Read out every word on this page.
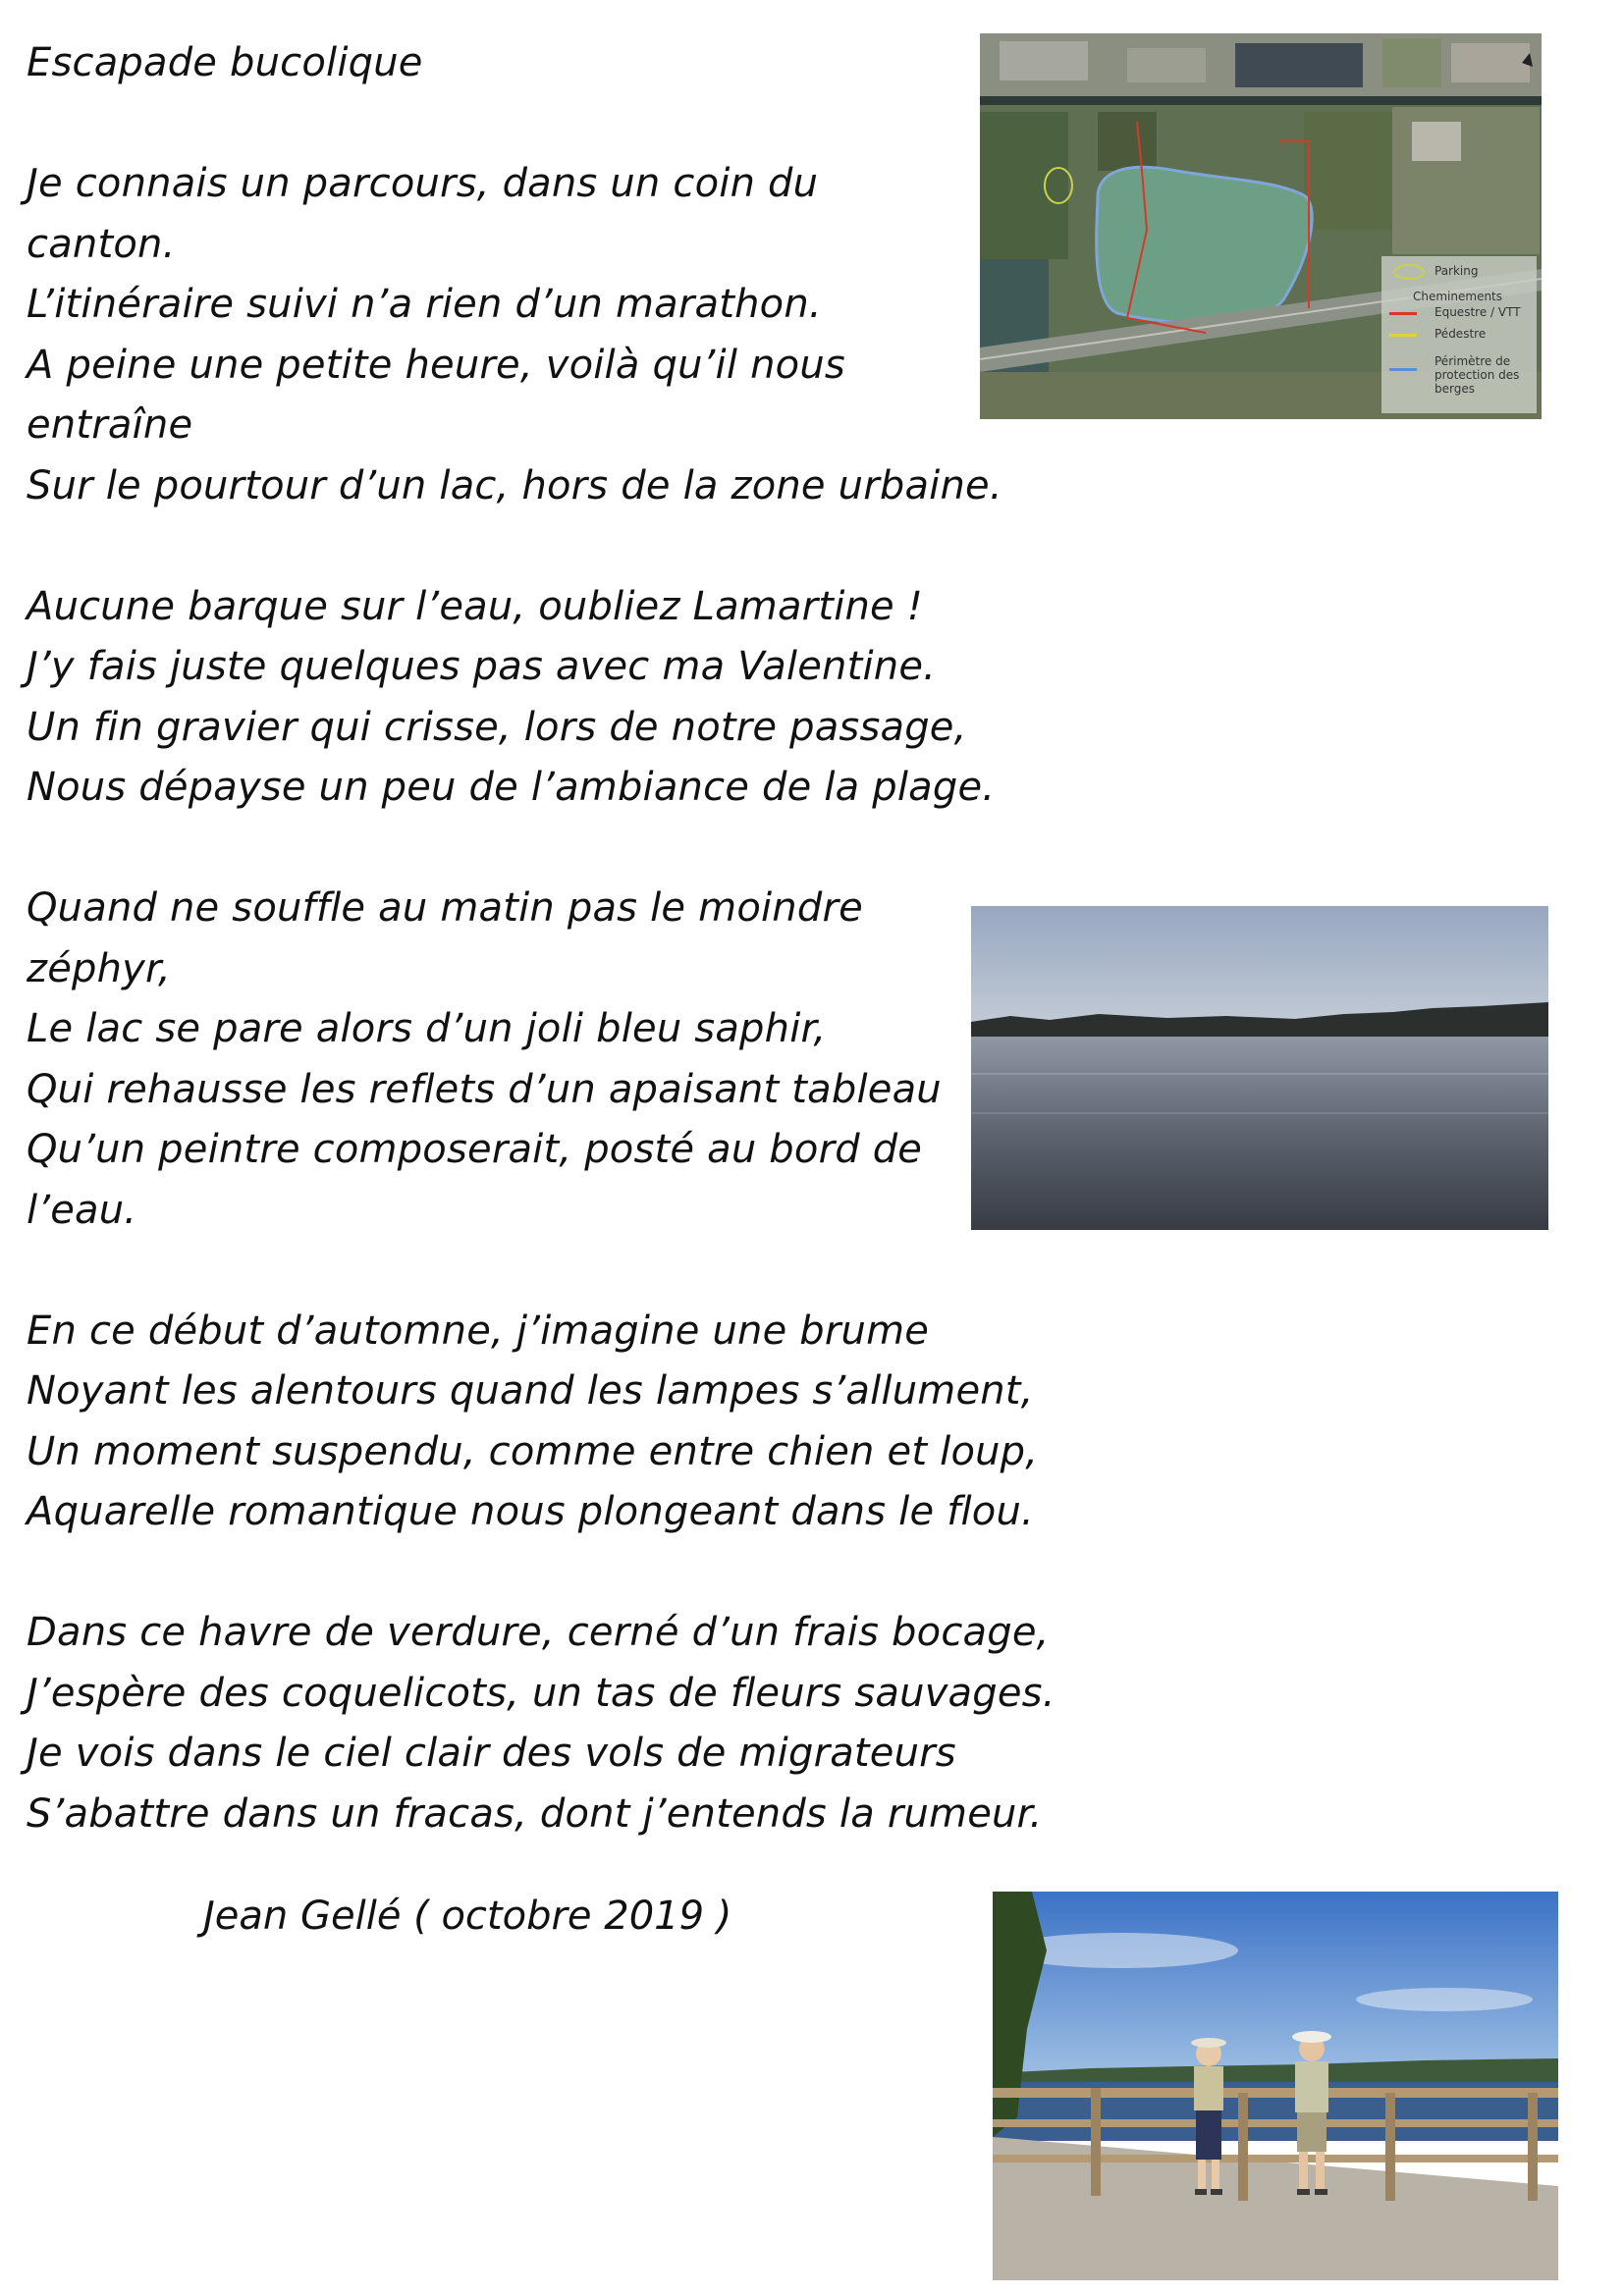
Escapade bucolique
Je connais un parcours, dans un coin du
canton.
L’itinéraire suivi n’a rien d’un marathon.
A peine une petite heure, voilà qu’il nous
entraîne
Sur le pourtour d’un lac, hors de la zone urbaine.
Aucune barque sur l’eau, oubliez Lamartine !
J’y fais juste quelques pas avec ma Valentine.
Un fin gravier qui crisse, lors de notre passage,
Nous dépayse un peu de l’ambiance de la plage.
Quand ne souffle au matin pas le moindre
zéphyr,
Le lac se pare alors d’un joli bleu saphir,
Qui rehausse les reflets d’un apaisant tableau
Qu’un peintre composerait, posté au bord de
l’eau.
En ce début d’automne, j’imagine une brume
Noyant les alentours quand les lampes s’allument,
Un moment suspendu, comme entre chien et loup,
Aquarelle romantique nous plongeant dans le flou.
Dans ce havre de verdure, cerné d’un frais bocage,
J’espère des coquelicots, un tas de fleurs sauvages.
Je vois dans le ciel clair des vols de migrateurs
S’abattre dans un fracas, dont j’entends la rumeur.
Jean Gellé ( octobre 2019 )
Parking
Cheminements
Equestre / VTT
Pédestre
Périmètre de protection des berges
